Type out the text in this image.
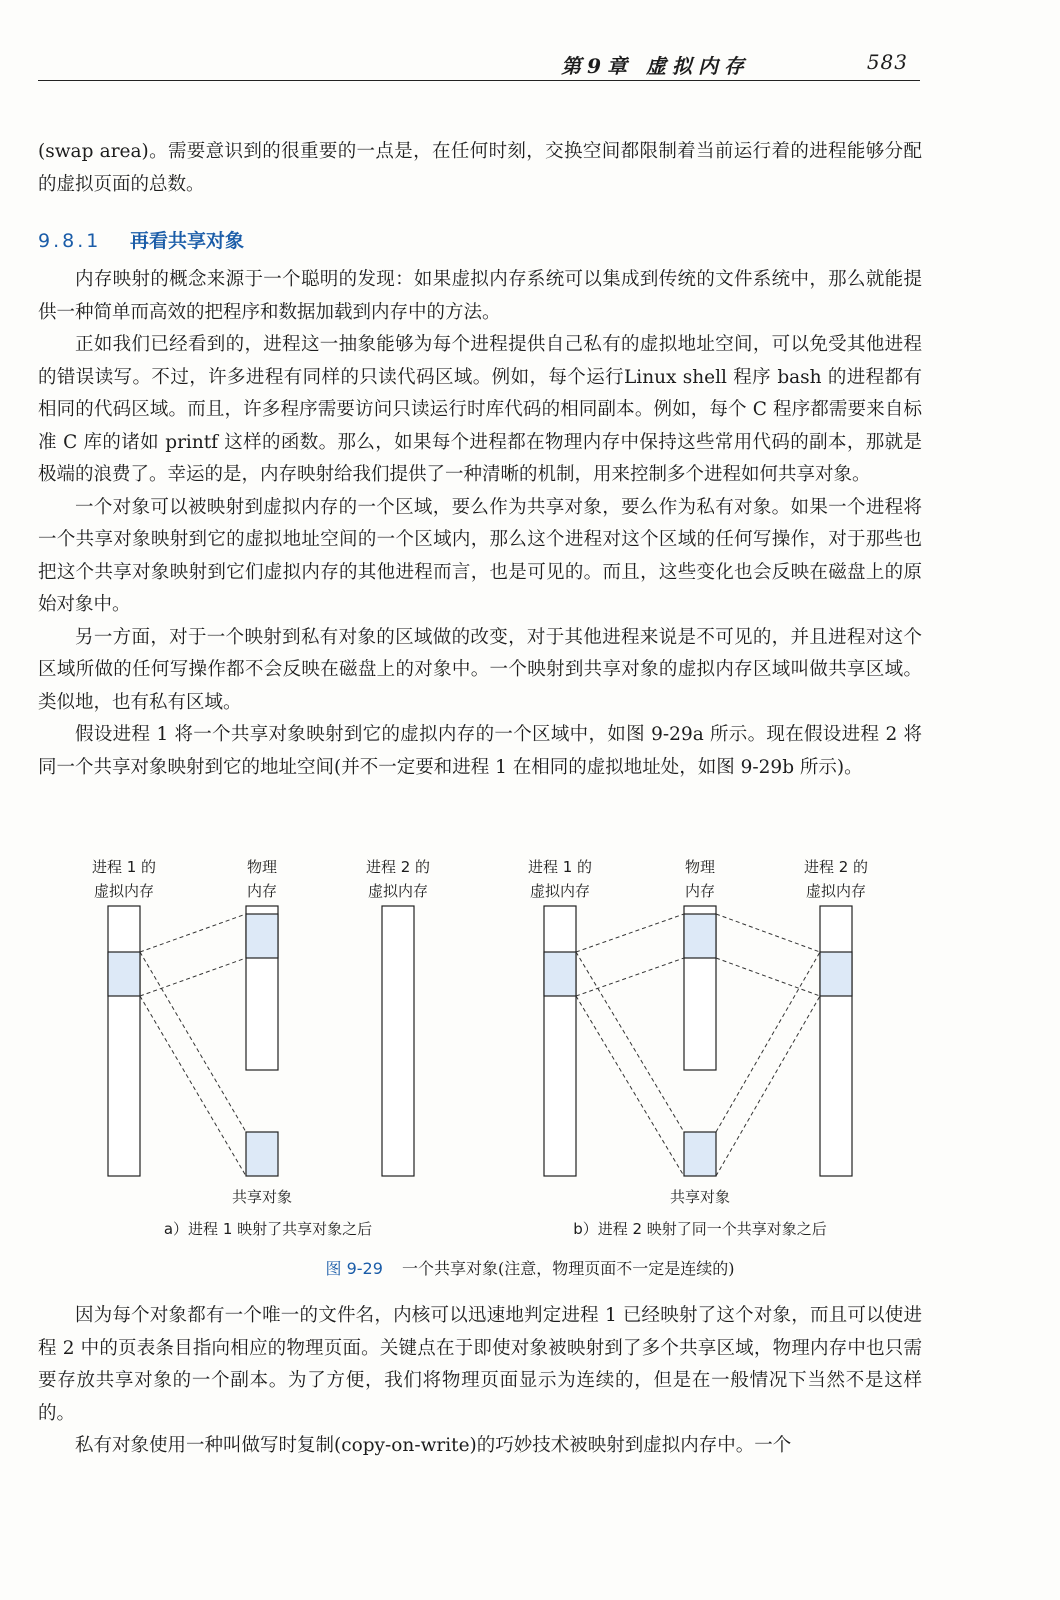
第9章 虚拟内存	583

(swap area)。需要意识到的很重要的一点是，在任何时刻，交换空间都限制着当前运行着的进程能够分配的虚拟页面的总数。

9.8.1 再看共享对象

内存映射的概念来源于一个聪明的发现：如果虚拟内存系统可以集成到传统的文件系统中，那么就能提供一种简单而高效的把程序和数据加载到内存中的方法。

正如我们已经看到的，进程这一抽象能够为每个进程提供自己私有的虚拟地址空间，可以免受其他进程的错误读写。不过，许多进程有同样的只读代码区域。例如，每个运行Linux shell 程序 bash 的进程都有相同的代码区域。而且，许多程序需要访问只读运行时库代码的相同副本。例如，每个 C 程序都需要来自标准 C 库的诸如 printf 这样的函数。那么，如果每个进程都在物理内存中保持这些常用代码的副本，那就是极端的浪费了。幸运的是，内存映射给我们提供了一种清晰的机制，用来控制多个进程如何共享对象。

一个对象可以被映射到虚拟内存的一个区域，要么作为共享对象，要么作为私有对象。如果一个进程将一个共享对象映射到它的虚拟地址空间的一个区域内，那么这个进程对这个区域的任何写操作，对于那些也把这个共享对象映射到它们虚拟内存的其他进程而言，也是可见的。而且，这些变化也会反映在磁盘上的原始对象中。

另一方面，对于一个映射到私有对象的区域做的改变，对于其他进程来说是不可见的，并且进程对这个区域所做的任何写操作都不会反映在磁盘上的对象中。一个映射到共享对象的虚拟内存区域叫做共享区域。类似地，也有私有区域。

假设进程 1 将一个共享对象映射到它的虚拟内存的一个区域中，如图 9-29a 所示。现在假设进程 2 将同一个共享对象映射到它的地址空间(并不一定要和进程 1 在相同的虚拟地址处，如图 9-29b 所示)。

进程 1 的
虚拟内存
物理
内存
进程 2 的
虚拟内存
共享对象
a）进程 1 映射了共享对象之后
进程 1 的
虚拟内存
物理
内存
进程 2 的
虚拟内存
共享对象
b）进程 2 映射了同一个共享对象之后
图 9-29 一个共享对象(注意，物理页面不一定是连续的)

因为每个对象都有一个唯一的文件名，内核可以迅速地判定进程 1 已经映射了这个对象，而且可以使进程 2 中的页表条目指向相应的物理页面。关键点在于即使对象被映射到了多个共享区域，物理内存中也只需要存放共享对象的一个副本。为了方便，我们将物理页面显示为连续的，但是在一般情况下当然不是这样的。

私有对象使用一种叫做写时复制(copy-on-write)的巧妙技术被映射到虚拟内存中。一个
